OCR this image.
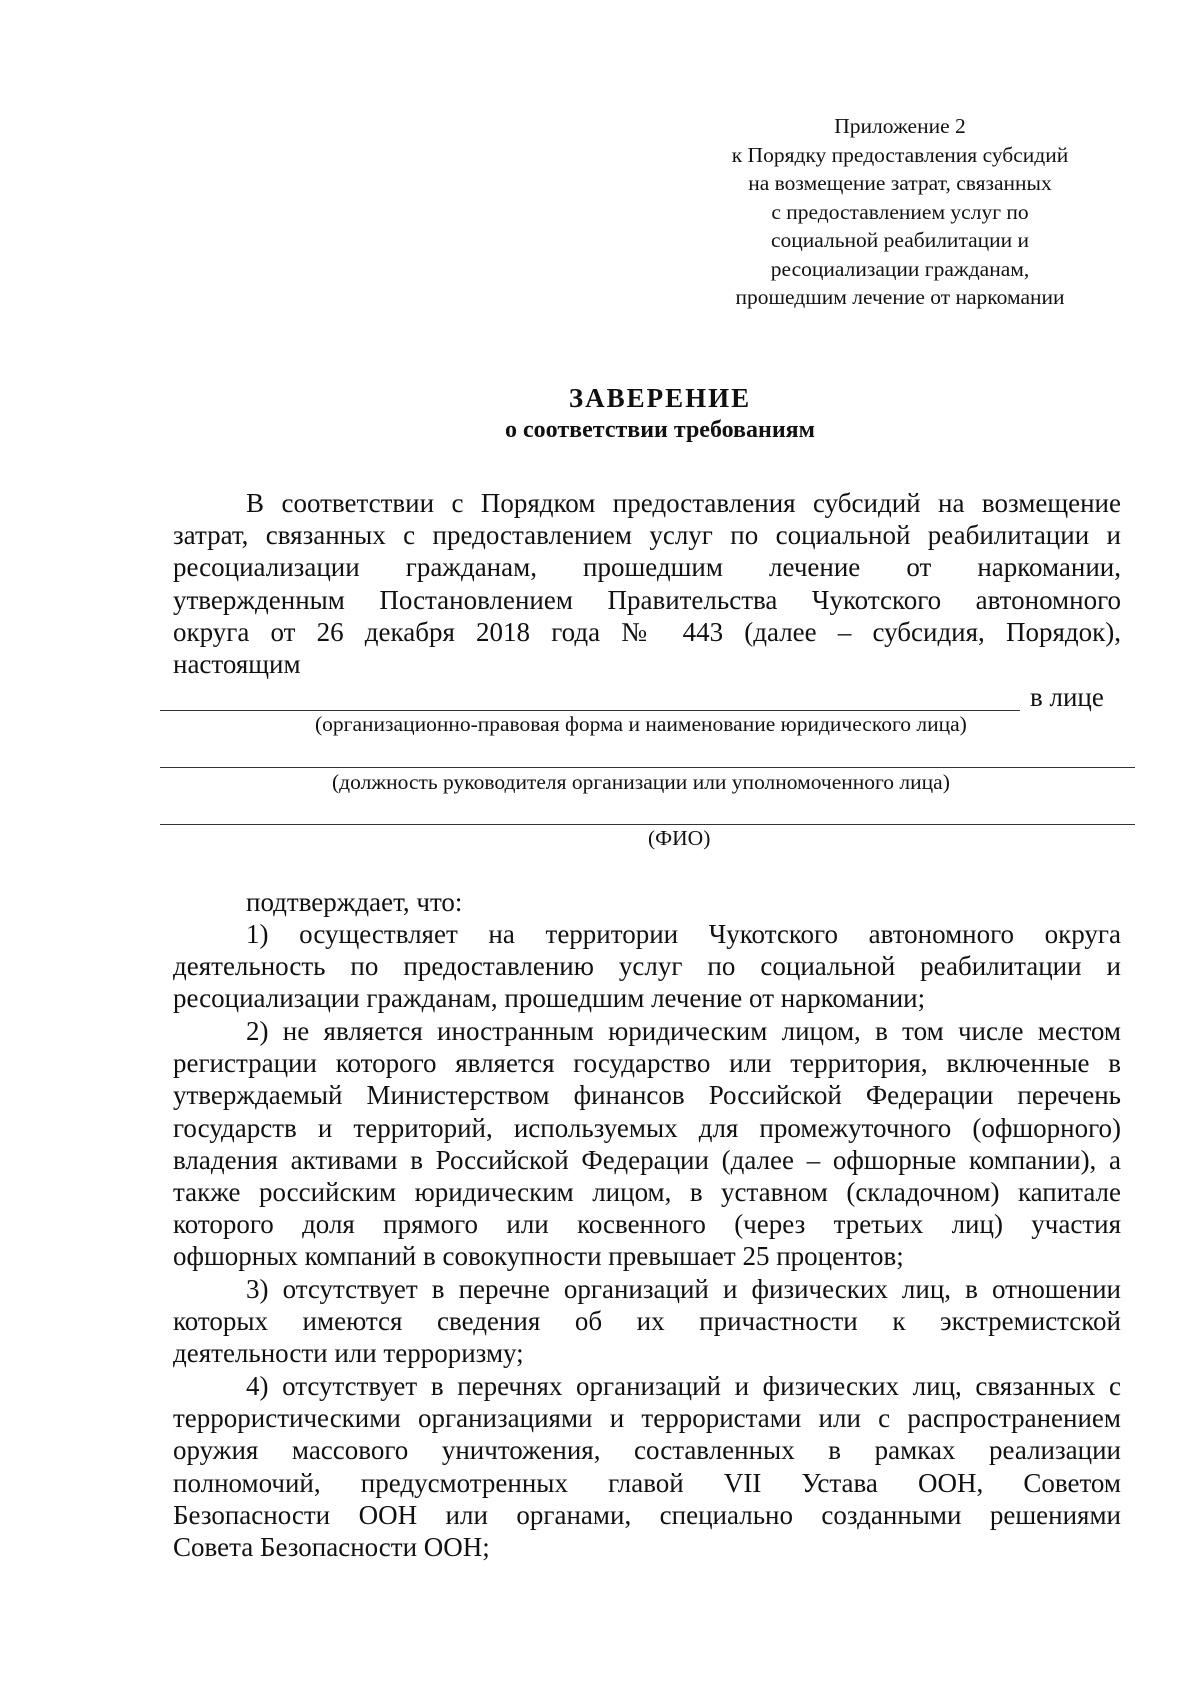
Приложение 2
к Порядку предоставления субсидий
на возмещение затрат, связанных
с предоставлением услуг по
социальной реабилитации и
ресоциализации гражданам,
прошедшим лечение от наркомании
ЗАВЕРЕНИЕ
о соответствии требованиям
В соответствии с Порядком предоставления субсидий на возмещение
затрат, связанных с предоставлением услуг по социальной реабилитации и
ресоциализации гражданам, прошедшим лечение от наркомании,
утвержденным Постановлением Правительства Чукотского автономного
округа от 26 декабря 2018 года № 443 (далее – субсидия, Порядок),
настоящим
в лице
(организационно-правовая форма и наименование юридического лица)
(должность руководителя организации или уполномоченного лица)
(ФИО)
подтверждает, что:
1) осуществляет на территории Чукотского автономного округа
деятельность по предоставлению услуг по социальной реабилитации и
ресоциализации гражданам, прошедшим лечение от наркомании;
2) не является иностранным юридическим лицом, в том числе местом
регистрации которого является государство или территория, включенные в
утверждаемый Министерством финансов Российской Федерации перечень
государств и территорий, используемых для промежуточного (офшорного)
владения активами в Российской Федерации (далее – офшорные компании), а
также российским юридическим лицом, в уставном (складочном) капитале
которого доля прямого или косвенного (через третьих лиц) участия
офшорных компаний в совокупности превышает 25 процентов;
3) отсутствует в перечне организаций и физических лиц, в отношении
которых имеются сведения об их причастности к экстремистской
деятельности или терроризму;
4) отсутствует в перечнях организаций и физических лиц, связанных с
террористическими организациями и террористами или с распространением
оружия массового уничтожения, составленных в рамках реализации
полномочий, предусмотренных главой VII Устава ООН, Советом
Безопасности ООН или органами, специально созданными решениями
Совета Безопасности ООН;
